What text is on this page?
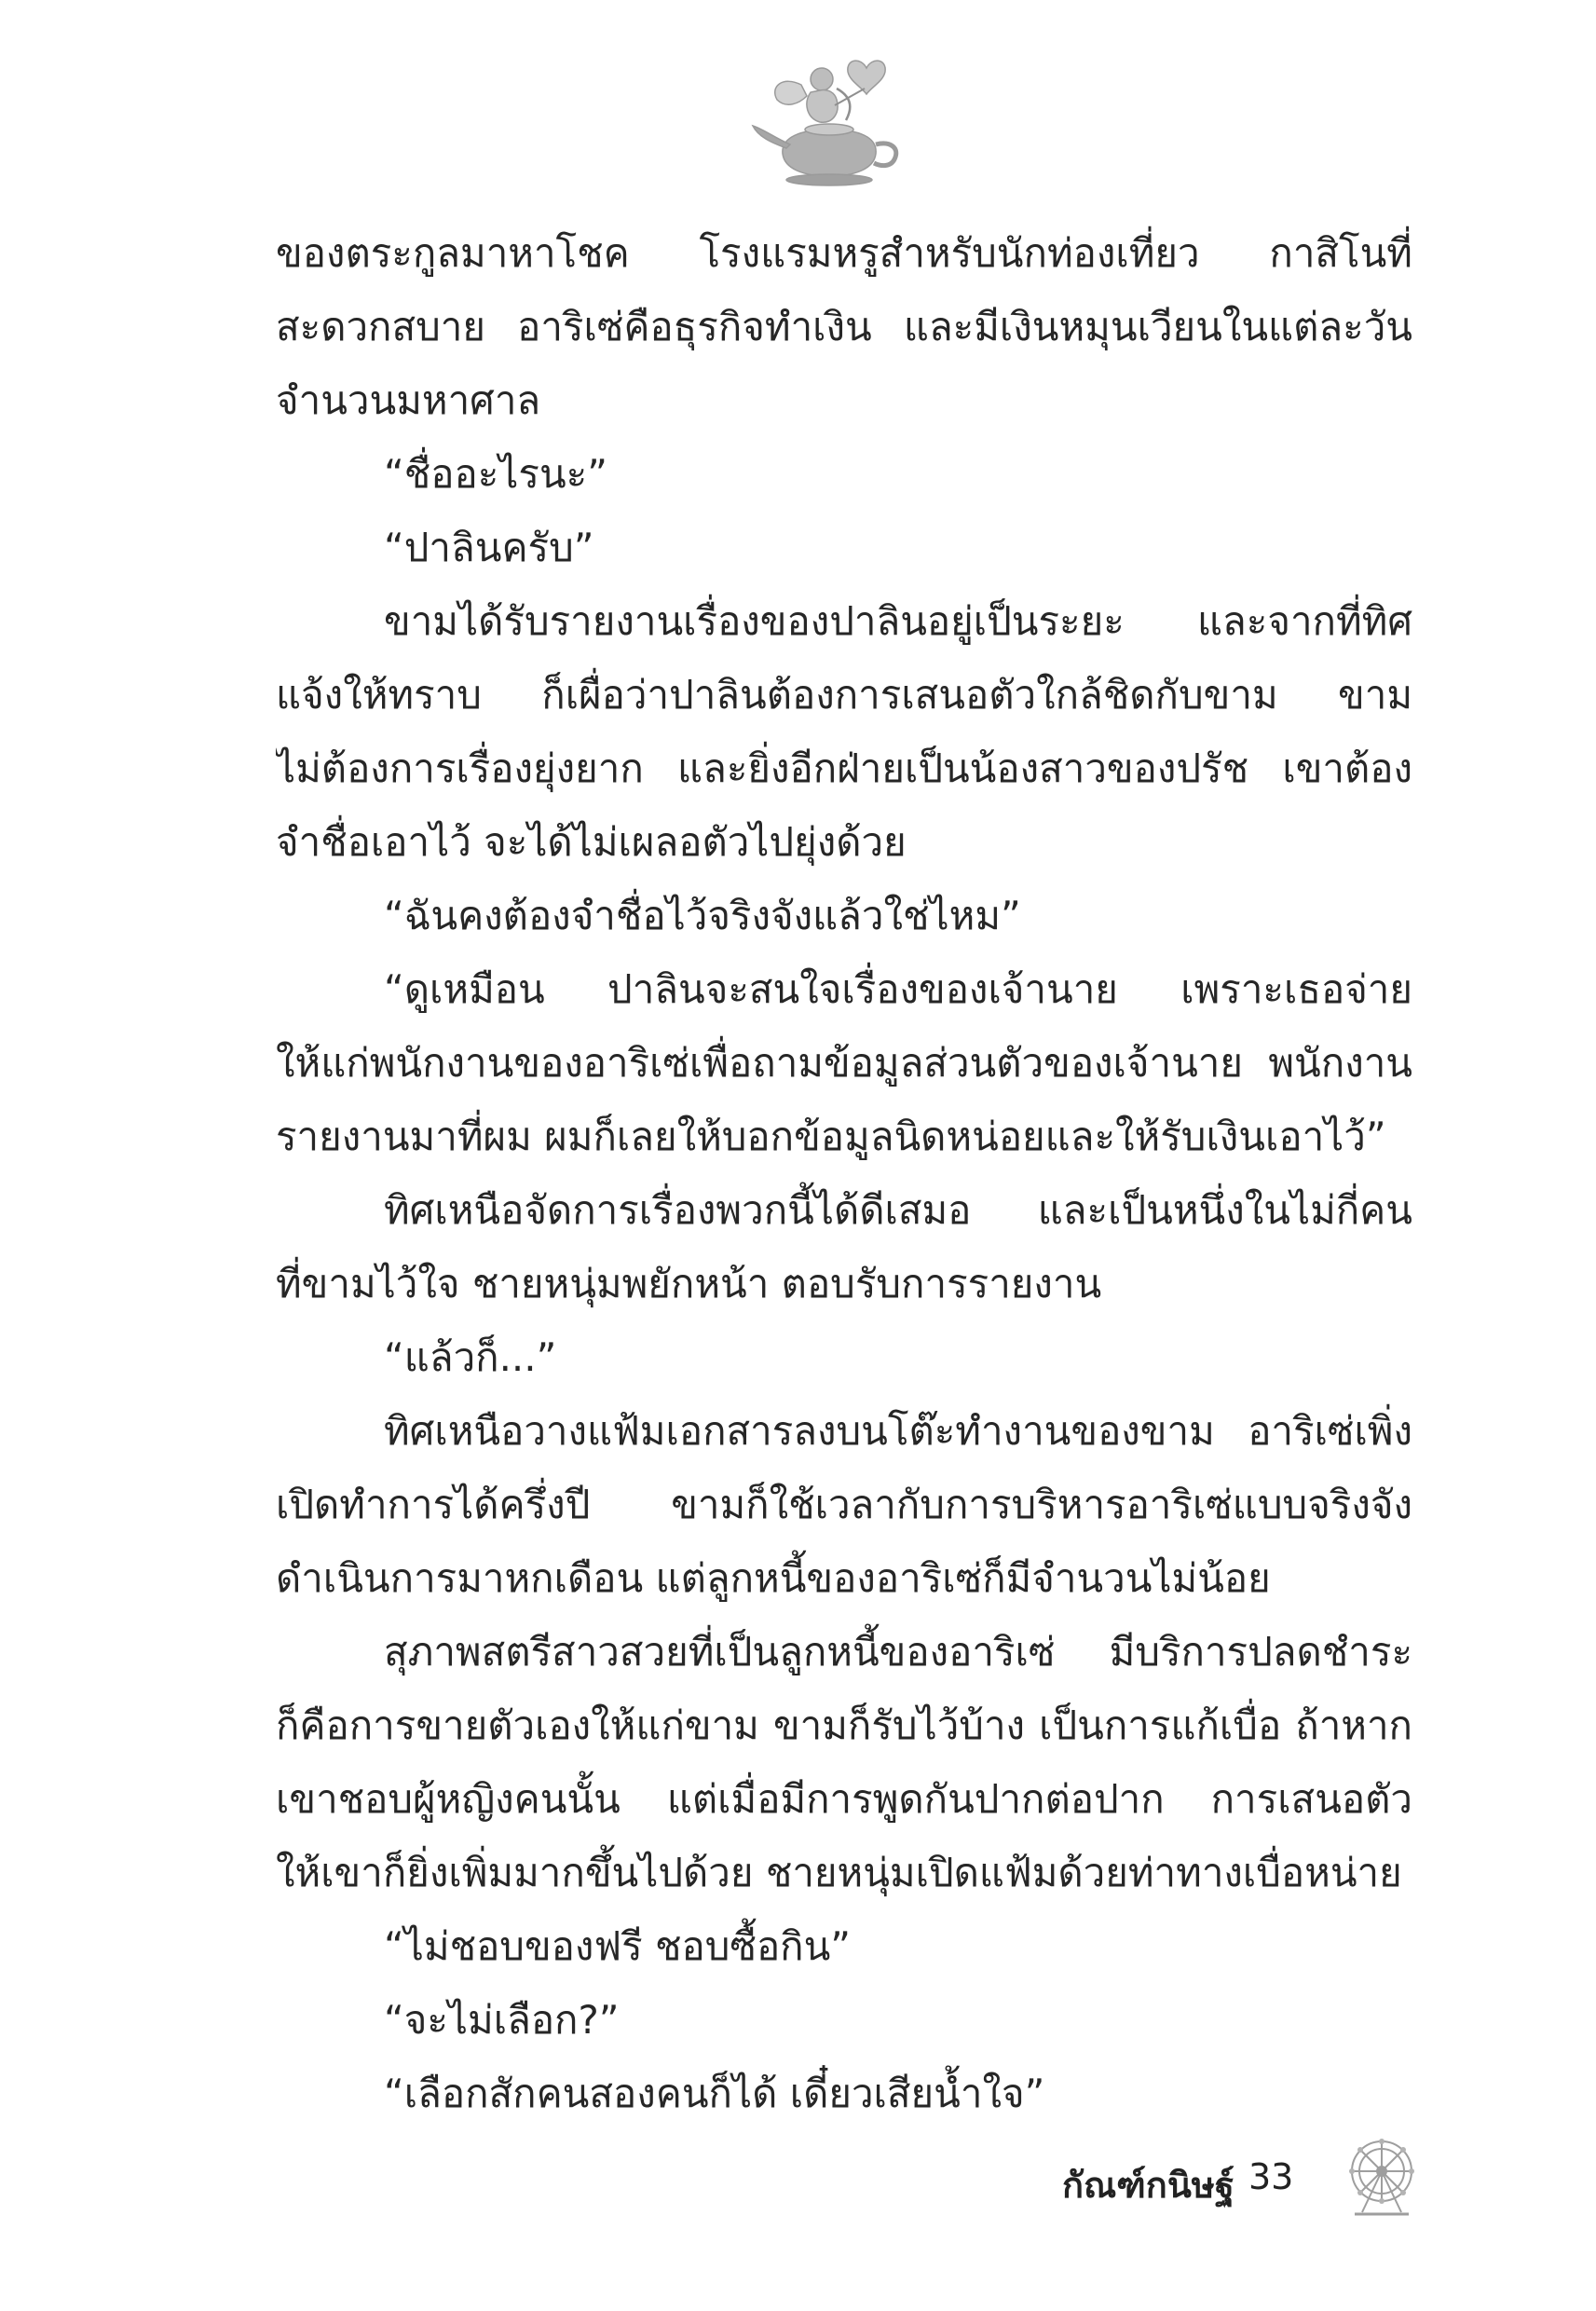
ของตระกูลมาหาโชค โรงแรมหรูสำหรับนักท่องเที่ยว กาสิโนที่
สะดวกสบาย อาริเซ่คือธุรกิจทำเงิน และมีเงินหมุนเวียนในแต่ละวัน
จำนวนมหาศาล
“ชื่ออะไรนะ”
“ปาลินครับ”
ขามได้รับรายงานเรื่องของปาลินอยู่เป็นระยะ และจากที่ทิศ
แจ้งให้ทราบ ก็เผื่อว่าปาลินต้องการเสนอตัวใกล้ชิดกับขาม ขาม
ไม่ต้องการเรื่องยุ่งยาก และยิ่งอีกฝ่ายเป็นน้องสาวของปรัช เขาต้อง
จำชื่อเอาไว้ จะได้ไม่เผลอตัวไปยุ่งด้วย
“ฉันคงต้องจำชื่อไว้จริงจังแล้วใช่ไหม”
“ดูเหมือน ปาลินจะสนใจเรื่องของเจ้านาย เพราะเธอจ่าย
ให้แก่พนักงานของอาริเซ่เพื่อถามข้อมูลส่วนตัวของเจ้านาย พนักงาน
รายงานมาที่ผม ผมก็เลยให้บอกข้อมูลนิดหน่อยและให้รับเงินเอาไว้”
ทิศเหนือจัดการเรื่องพวกนี้ได้ดีเสมอ และเป็นหนึ่งในไม่กี่คน
ที่ขามไว้ใจ ชายหนุ่มพยักหน้า ตอบรับการรายงาน
“แล้วก็...”
ทิศเหนือวางแฟ้มเอกสารลงบนโต๊ะทำงานของขาม อาริเซ่เพิ่ง
เปิดทำการได้ครึ่งปี ขามก็ใช้เวลากับการบริหารอาริเซ่แบบจริงจัง
ดำเนินการมาหกเดือน แต่ลูกหนี้ของอาริเซ่ก็มีจำนวนไม่น้อย
สุภาพสตรีสาวสวยที่เป็นลูกหนี้ของอาริเซ่ มีบริการปลดชำระ
ก็คือการขายตัวเองให้แก่ขาม ขามก็รับไว้บ้าง เป็นการแก้เบื่อ ถ้าหาก
เขาชอบผู้หญิงคนนั้น แต่เมื่อมีการพูดกันปากต่อปาก การเสนอตัว
ให้เขาก็ยิ่งเพิ่มมากขึ้นไปด้วย ชายหนุ่มเปิดแฟ้มด้วยท่าทางเบื่อหน่าย
“ไม่ชอบของฟรี ชอบซื้อกิน”
“จะไม่เลือก?”
“เลือกสักคนสองคนก็ได้ เดี๋ยวเสียน้ำใจ”
กัณฑ์กนิษฐ์ 33
